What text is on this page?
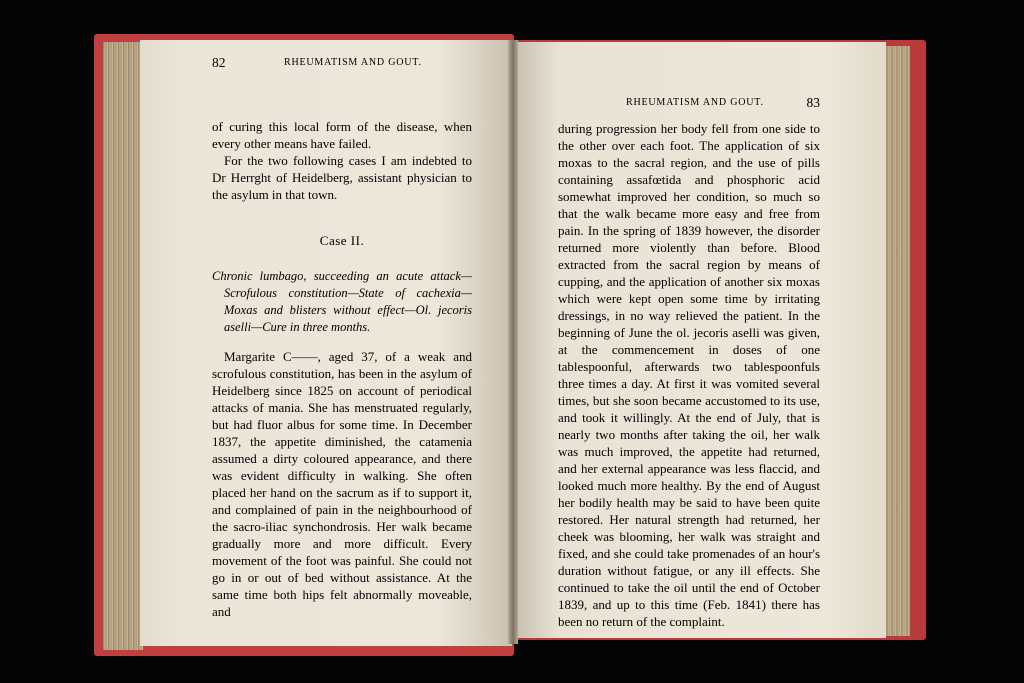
82	RHEUMATISM AND GOUT.

of curing this local form of the disease, when every other means have failed.

For the two following cases I am indebted to Dr Herrght of Heidelberg, assistant physician to the asylum in that town.

Case II.
Chronic lumbago, succeeding an acute attack—Scrofulous constitution—State of cachexia—Moxas and blisters without effect—Ol. jecoris aselli—Cure in three months.

Margarite C——, aged 37, of a weak and scrofulous constitution, has been in the asylum of Heidelberg since 1825 on account of periodical attacks of mania. She has menstruated regularly, but had fluor albus for some time. In December 1837, the appetite diminished, the catamenia assumed a dirty coloured appearance, and there was evident difficulty in walking. She often placed her hand on the sacrum as if to support it, and complained of pain in the neighbourhood of the sacro-iliac synchondrosis. Her walk became gradually more and more difficult. Every movement of the foot was painful. She could not go in or out of bed without assistance. At the same time both hips felt abnormally moveable, and

RHEUMATISM AND GOUT.	83

during progression her body fell from one side to the other over each foot. The application of six moxas to the sacral region, and the use of pills containing assafœtida and phosphoric acid somewhat improved her condition, so much so that the walk became more easy and free from pain. In the spring of 1839 however, the disorder returned more violently than before. Blood extracted from the sacral region by means of cupping, and the application of another six moxas which were kept open some time by irritating dressings, in no way relieved the patient. In the beginning of June the ol. jecoris aselli was given, at the commencement in doses of one tablespoonful, afterwards two tablespoonfuls three times a day. At first it was vomited several times, but she soon became accustomed to its use, and took it willingly. At the end of July, that is nearly two months after taking the oil, her walk was much improved, the appetite had returned, and her external appearance was less flaccid, and looked much more healthy. By the end of August her bodily health may be said to have been quite restored. Her natural strength had returned, her cheek was blooming, her walk was straight and fixed, and she could take promenades of an hour's duration without fatigue, or any ill effects. She continued to take the oil until the end of October 1839, and up to this time (Feb. 1841) there has been no return of the complaint.
